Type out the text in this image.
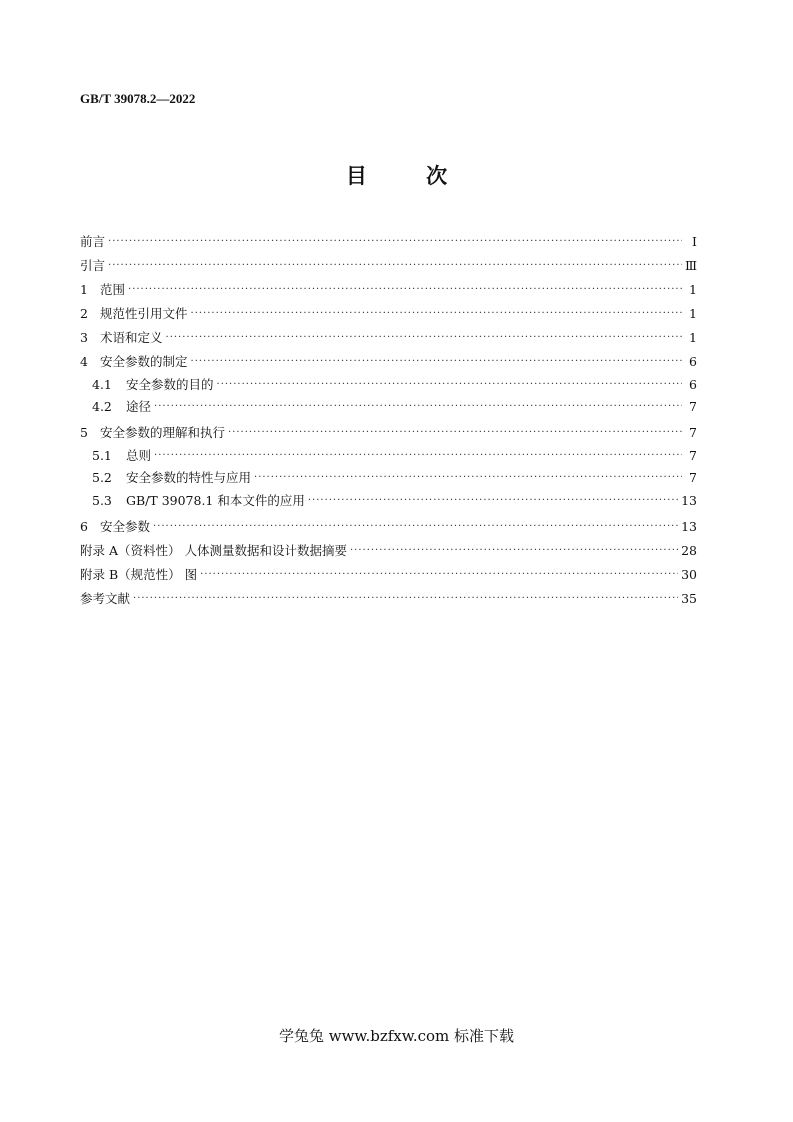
GB/T 39078.2—2022
目 次
前言 ·····	Ⅰ
引言 ·····	Ⅲ
1 范围 ·····	1
2 规范性引用文件 ·····	1
3 术语和定义 ·····	1
4 安全参数的制定 ·····	6
4.1	安全参数的目的 ·····	6
4.2	途径 ·····	7
5 安全参数的理解和执行 ·····	7
5.1	总则 ·····	7
5.2	安全参数的特性与应用 ·····	7
5.3	GB/T 39078.1 和本文件的应用 ·····	13
6 安全参数 ·····	13
附录 A（资料性） 人体测量数据和设计数据摘要 ·····	28
附录 B（规范性） 图 ·····	30
参考文献 ·····	35
学兔兔 www.bzfxw.com 标准下载
